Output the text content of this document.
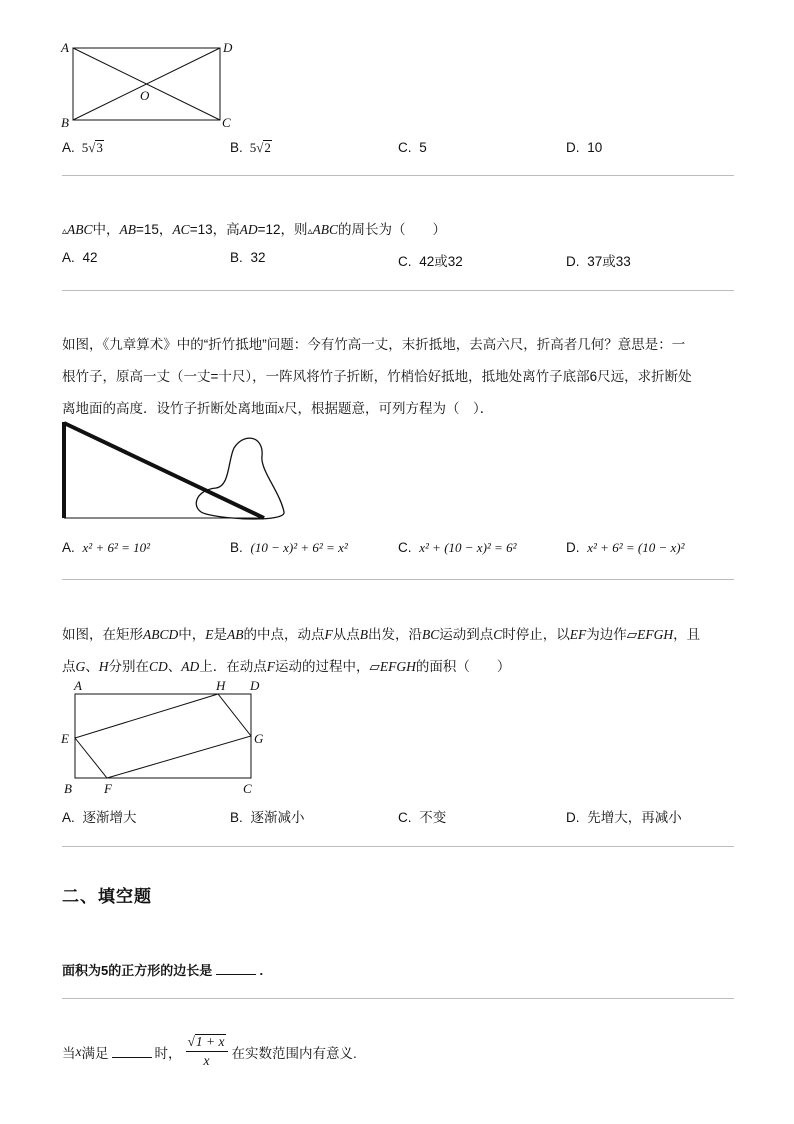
A	D
O
B	C
A. 5√3	B. 5√2	C. 5	D. 10
▵ABC中，AB=15，AC=13，高AD=12，则▵ABC的周长为（　　）
A. 42	B. 32	C. 42或32	D. 37或33
如图，《九章算术》中的“折竹抵地”问题：今有竹高一丈，末折抵地，去高六尺，折高者几何？意思是：一
根竹子，原高一丈（一丈=十尺），一阵风将竹子折断，竹梢恰好抵地，抵地处离竹子底部6尺远，求折断处
离地面的高度．设竹子折断处离地面x尺，根据题意，可列方程为（　）．
A. x² + 6² = 10²	B. (10 − x)² + 6² = x²	C. x² + (10 − x)² = 6²	D. x² + 6² = (10 − x)²
如图，在矩形ABCD中，E是AB的中点，动点F从点B出发，沿BC运动到点C时停止，以EF为边作▱EFGH，且
点G、H分别在CD、AD上．在动点F运动的过程中，▱EFGH的面积（　　）
A	H D
E	G
B F	C
A. 逐渐增大	B. 逐渐减小	C. 不变	D. 先增大，再减小
二、填空题
面积为5的正方形的边长是	.
当 x 满足	时， $\frac{√1 + x}{x}$ 在实数范围内有意义.
